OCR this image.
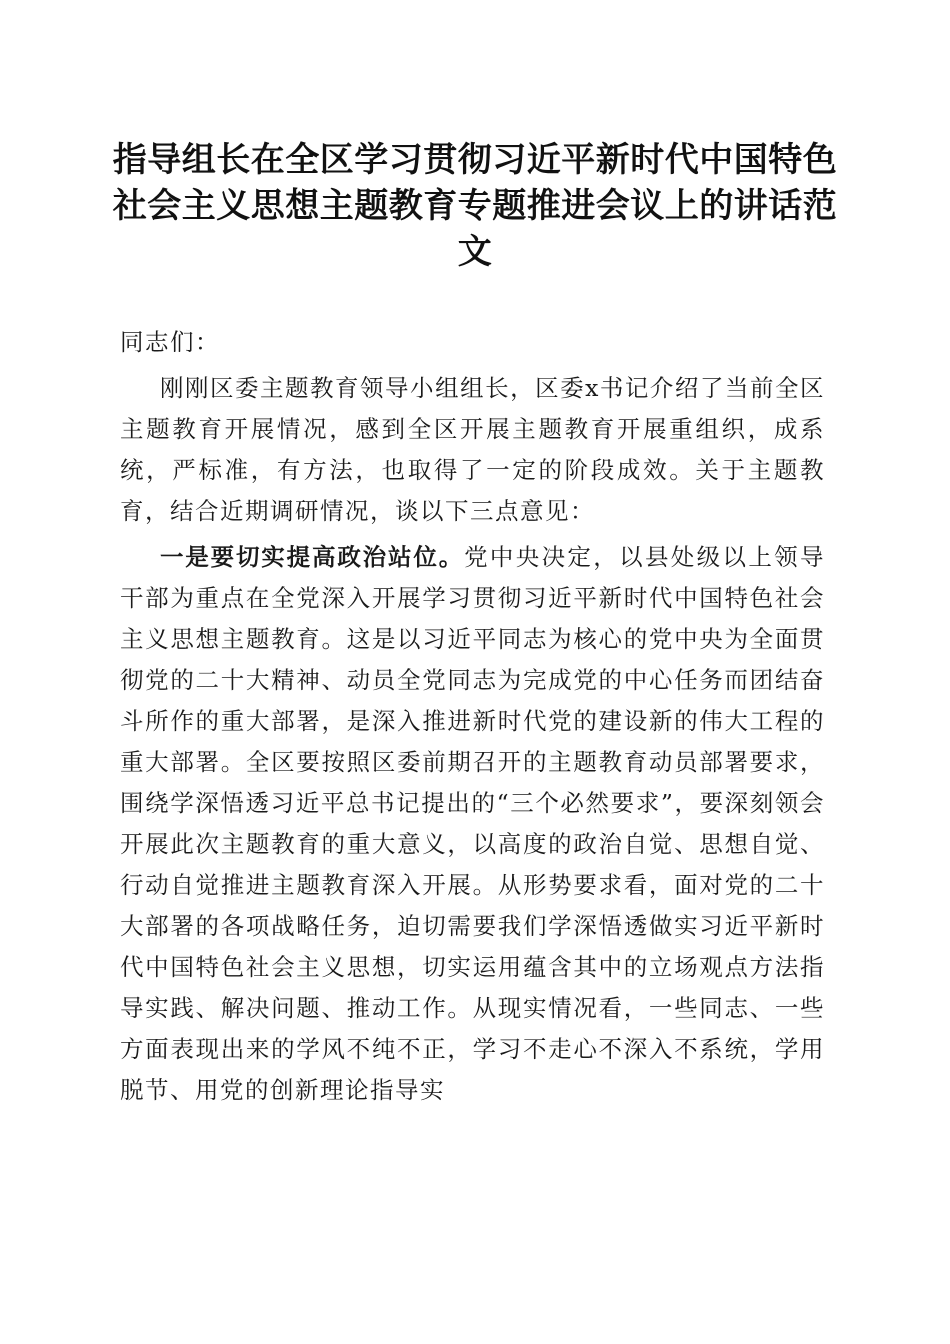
指导组长在全区学习贯彻习近平新时代中国特色社会主义思想主题教育专题推进会议上的讲话范文

同志们：

刚刚区委主题教育领导小组组长，区委x书记介绍了当前全区主题教育开展情况，感到全区开展主题教育开展重组织，成系统，严标准，有方法，也取得了一定的阶段成效。关于主题教育，结合近期调研情况，谈以下三点意见：

一是要切实提高政治站位。党中央决定，以县处级以上领导干部为重点在全党深入开展学习贯彻习近平新时代中国特色社会主义思想主题教育。这是以习近平同志为核心的党中央为全面贯彻党的二十大精神、动员全党同志为完成党的中心任务而团结奋斗所作的重大部署，是深入推进新时代党的建设新的伟大工程的重大部署。全区要按照区委前期召开的主题教育动员部署要求，围绕学深悟透习近平总书记提出的“三个必然要求”，要深刻领会开展此次主题教育的重大意义，以高度的政治自觉、思想自觉、行动自觉推进主题教育深入开展。从形势要求看，面对党的二十大部署的各项战略任务，迫切需要我们学深悟透做实习近平新时代中国特色社会主义思想，切实运用蕴含其中的立场观点方法指导实践、解决问题、推动工作。从现实情况看，一些同志、一些方面表现出来的学风不纯不正，学习不走心不深入不系统，学用脱节、用党的创新理论指导实
